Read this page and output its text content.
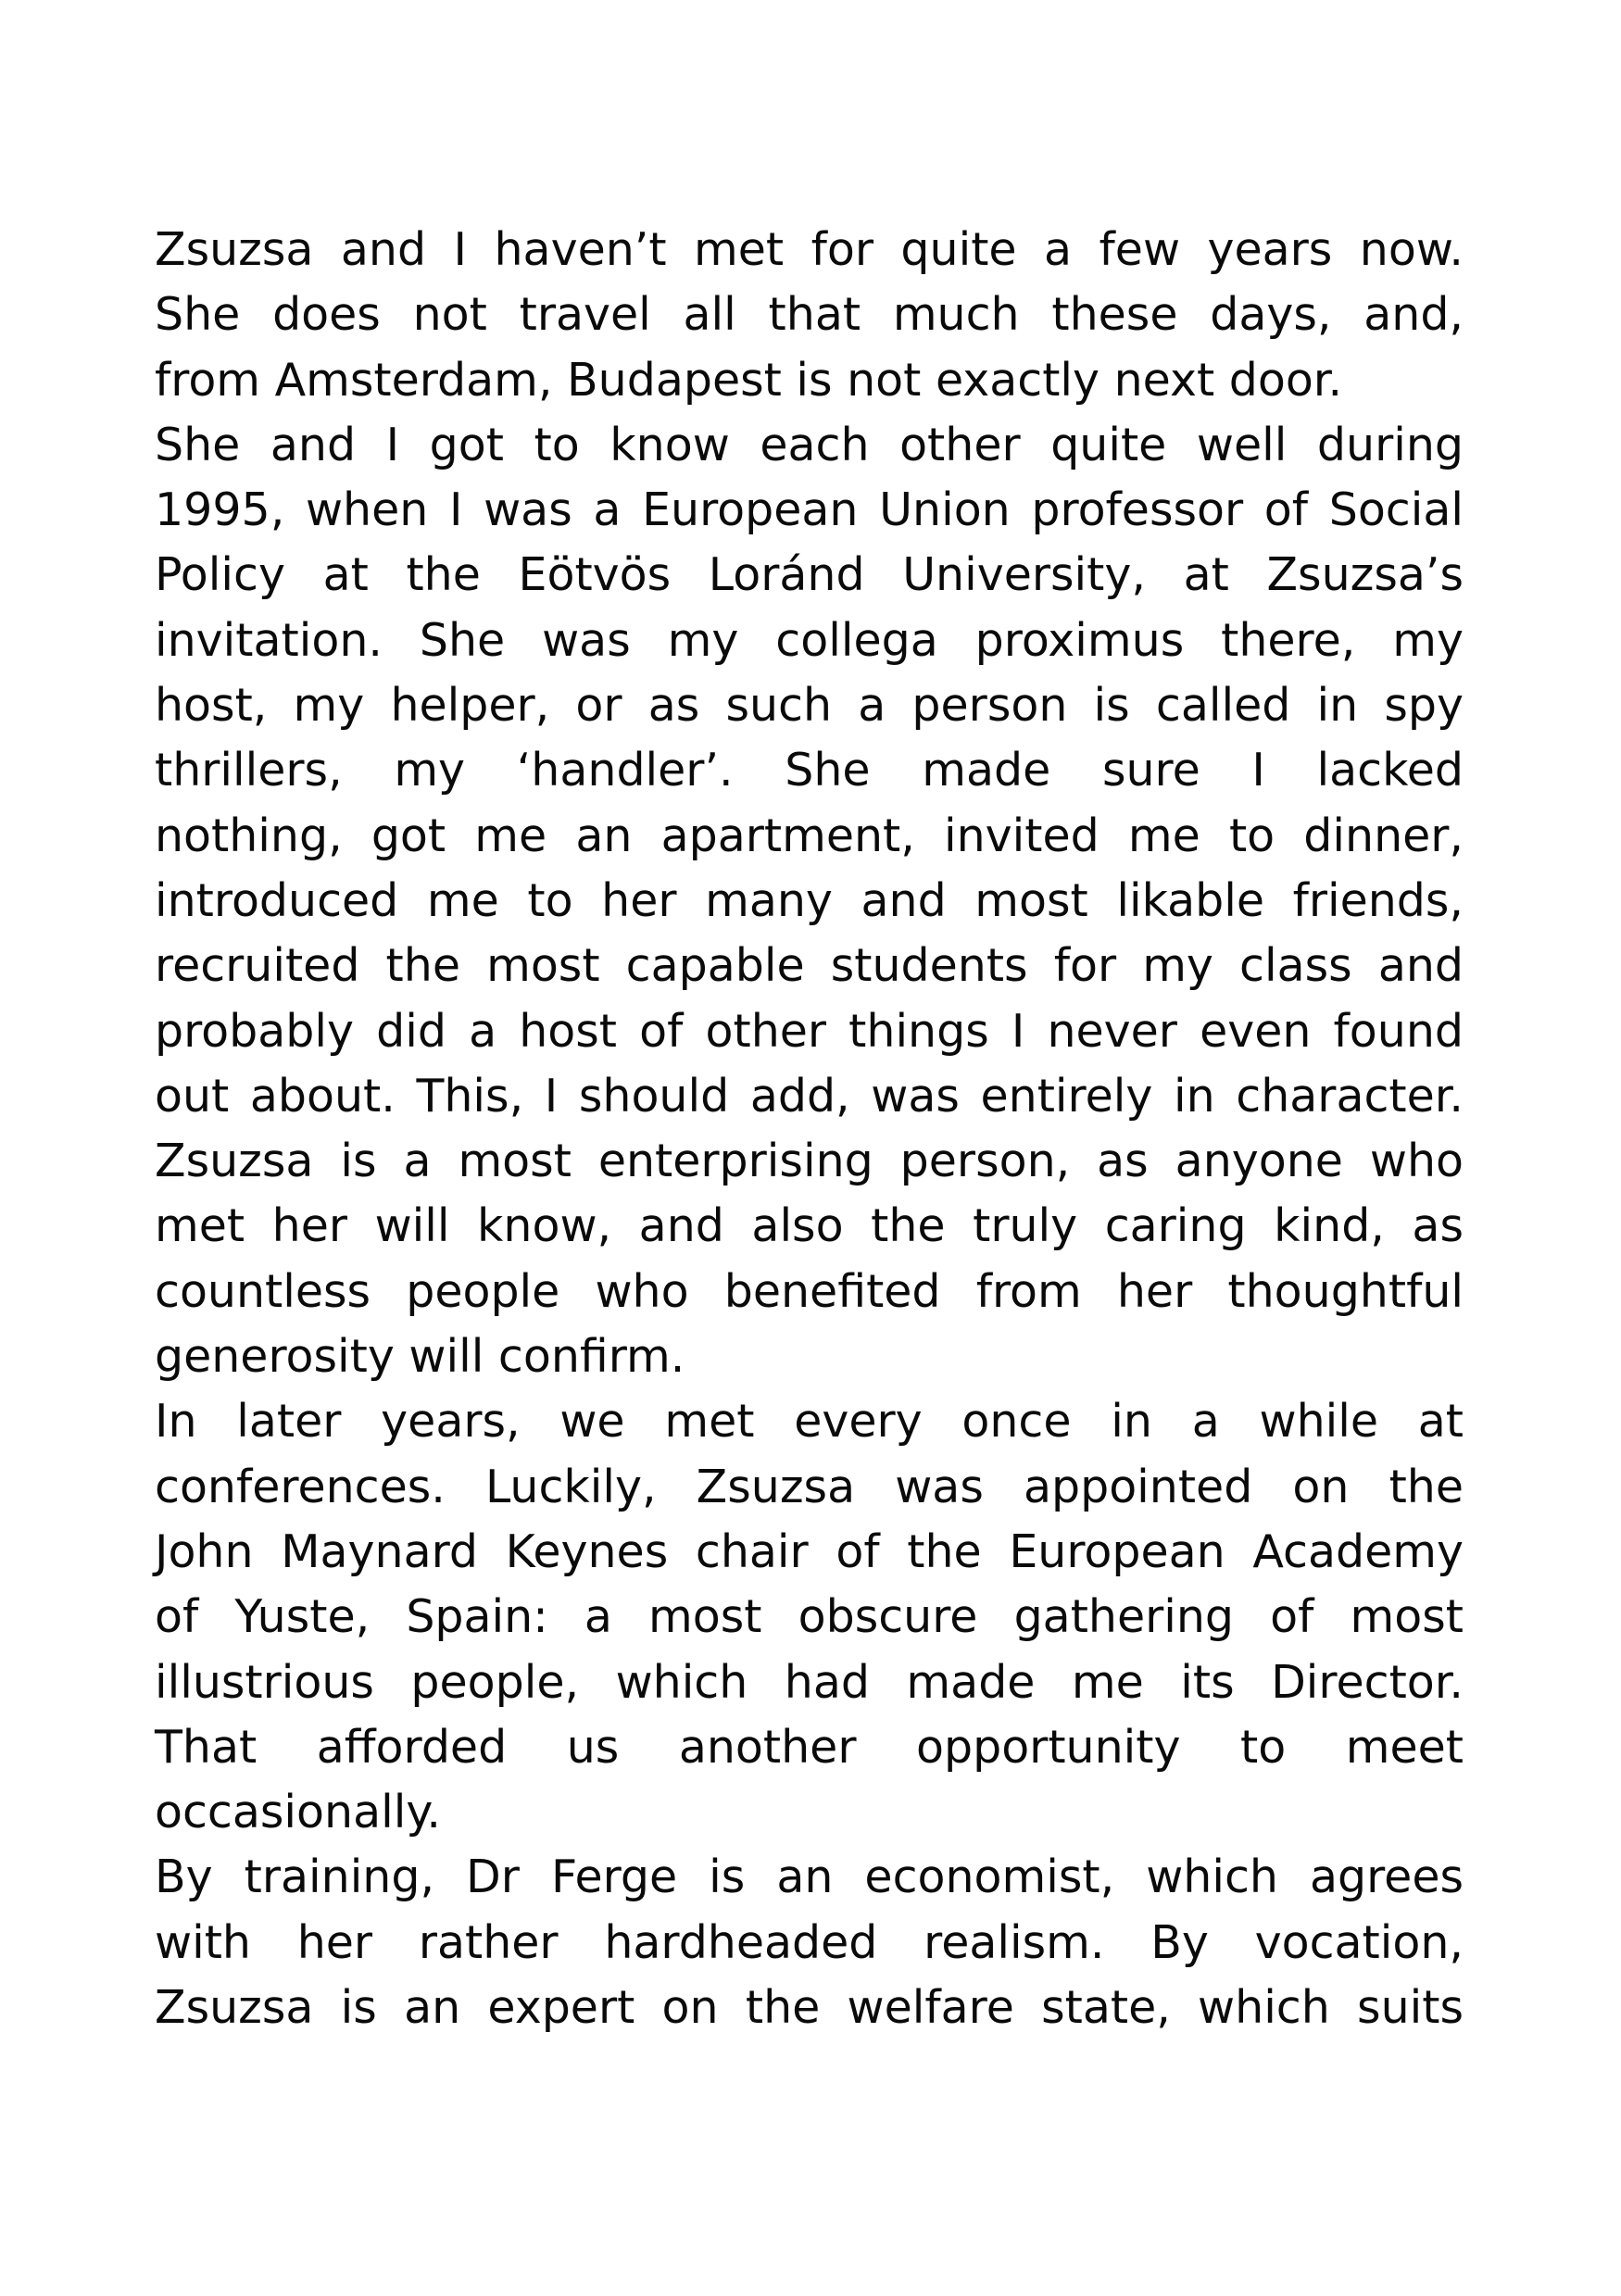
Zsuzsa and I haven’t met for quite a few years now.
She does not travel all that much these days, and,
from Amsterdam, Budapest is not exactly next door.
She and I got to know each other quite well during
1995, when I was a European Union professor of Social
Policy at the Eötvös Loránd University, at Zsuzsa’s
invitation. She was my collega proximus there, my
host, my helper, or as such a person is called in spy
thrillers, my ‘handler’. She made sure I lacked
nothing, got me an apartment, invited me to dinner,
introduced me to her many and most likable friends,
recruited the most capable students for my class and
probably did a host of other things I never even found
out about. This, I should add, was entirely in character.
Zsuzsa is a most enterprising person, as anyone who
met her will know, and also the truly caring kind, as
countless people who benefited from her thoughtful
generosity will confirm.
In later years, we met every once in a while at
conferences. Luckily, Zsuzsa was appointed on the
John Maynard Keynes chair of the European Academy
of Yuste, Spain: a most obscure gathering of most
illustrious people, which had made me its Director.
That afforded us another opportunity to meet
occasionally.
By training, Dr Ferge is an economist, which agrees
with her rather hardheaded realism. By vocation,
Zsuzsa is an expert on the welfare state, which suits
